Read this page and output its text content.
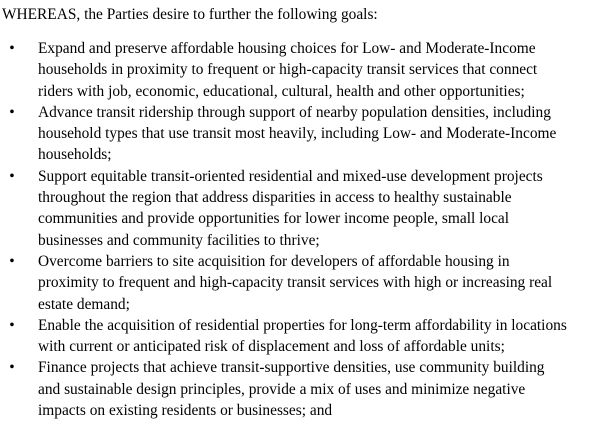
WHEREAS, the Parties desire to further the following goals:

•	Expand and preserve affordable housing choices for Low- and Moderate-Income
households in proximity to frequent or high-capacity transit services that connect
riders with job, economic, educational, cultural, health and other opportunities;
•	Advance transit ridership through support of nearby population densities, including
household types that use transit most heavily, including Low- and Moderate-Income
households;
•	Support equitable transit-oriented residential and mixed-use development projects
throughout the region that address disparities in access to healthy sustainable
communities and provide opportunities for lower income people, small local
businesses and community facilities to thrive;
•	Overcome barriers to site acquisition for developers of affordable housing in
proximity to frequent and high-capacity transit services with high or increasing real
estate demand;
•	Enable the acquisition of residential properties for long-term affordability in locations
with current or anticipated risk of displacement and loss of affordable units;
•	Finance projects that achieve transit-supportive densities, use community building
and sustainable design principles, provide a mix of uses and minimize negative
impacts on existing residents or businesses; and
